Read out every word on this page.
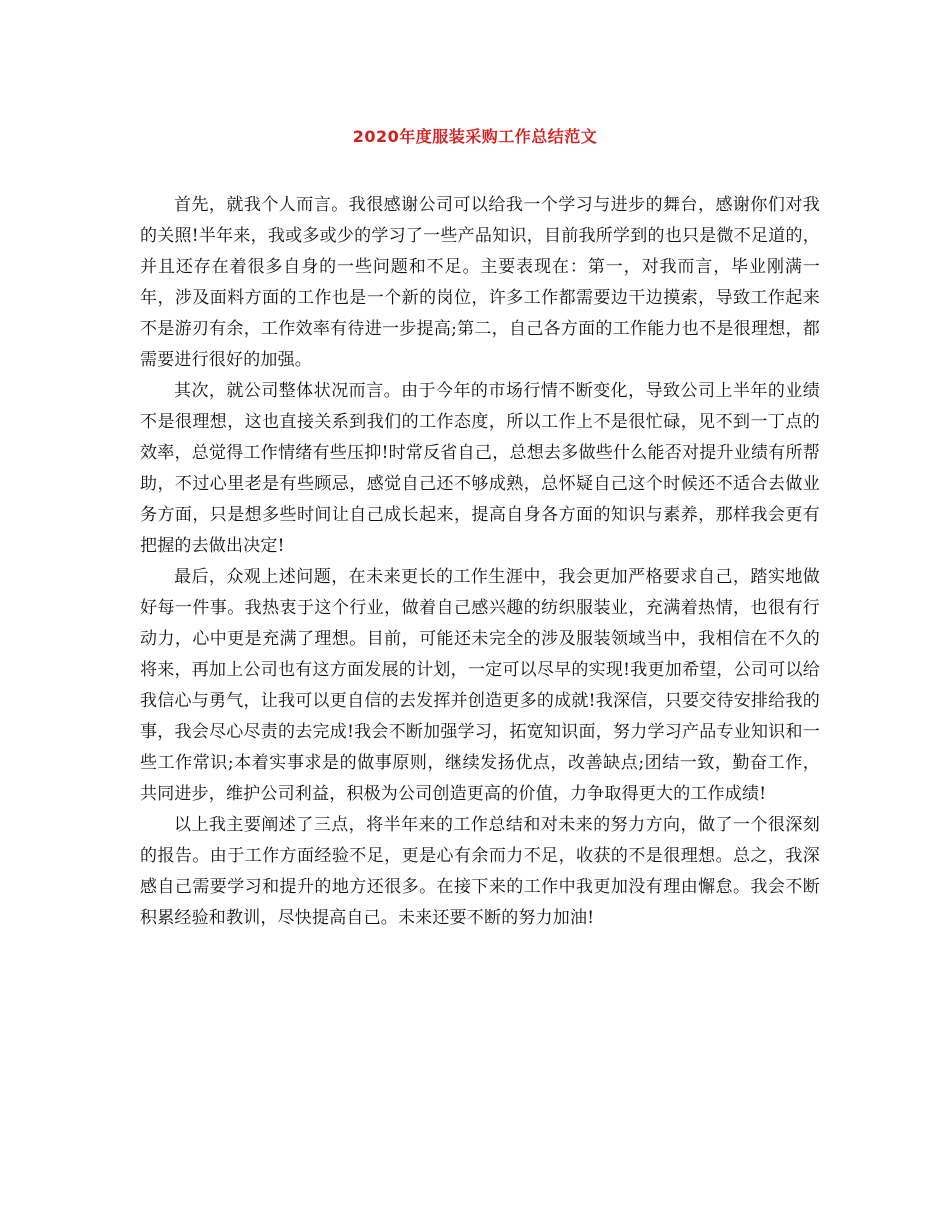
2020年度服装采购工作总结范文

首先，就我个人而言。我很感谢公司可以给我一个学习与进步的舞台，感谢你们对我的关照!半年来，我或多或少的学习了一些产品知识，目前我所学到的也只是微不足道的，并且还存在着很多自身的一些问题和不足。主要表现在：第一，对我而言，毕业刚满一年，涉及面料方面的工作也是一个新的岗位，许多工作都需要边干边摸索，导致工作起来不是游刃有余，工作效率有待进一步提高;第二，自己各方面的工作能力也不是很理想，都需要进行很好的加强。

其次，就公司整体状况而言。由于今年的市场行情不断变化，导致公司上半年的业绩不是很理想，这也直接关系到我们的工作态度，所以工作上不是很忙碌，见不到一丁点的效率，总觉得工作情绪有些压抑!时常反省自己，总想去多做些什么能否对提升业绩有所帮助，不过心里老是有些顾忌，感觉自己还不够成熟，总怀疑自己这个时候还不适合去做业务方面，只是想多些时间让自己成长起来，提高自身各方面的知识与素养，那样我会更有把握的去做出决定!

最后，众观上述问题，在未来更长的工作生涯中，我会更加严格要求自己，踏实地做好每一件事。我热衷于这个行业，做着自己感兴趣的纺织服装业，充满着热情，也很有行动力，心中更是充满了理想。目前，可能还未完全的涉及服装领域当中，我相信在不久的将来，再加上公司也有这方面发展的计划，一定可以尽早的实现!我更加希望，公司可以给我信心与勇气，让我可以更自信的去发挥并创造更多的成就!我深信，只要交待安排给我的事，我会尽心尽责的去完成!我会不断加强学习，拓宽知识面，努力学习产品专业知识和一些工作常识;本着实事求是的做事原则，继续发扬优点，改善缺点;团结一致，勤奋工作，共同进步，维护公司利益，积极为公司创造更高的价值，力争取得更大的工作成绩!

以上我主要阐述了三点，将半年来的工作总结和对未来的努力方向，做了一个很深刻的报告。由于工作方面经验不足，更是心有余而力不足，收获的不是很理想。总之，我深感自己需要学习和提升的地方还很多。在接下来的工作中我更加没有理由懈怠。我会不断积累经验和教训，尽快提高自己。未来还要不断的努力加油!
